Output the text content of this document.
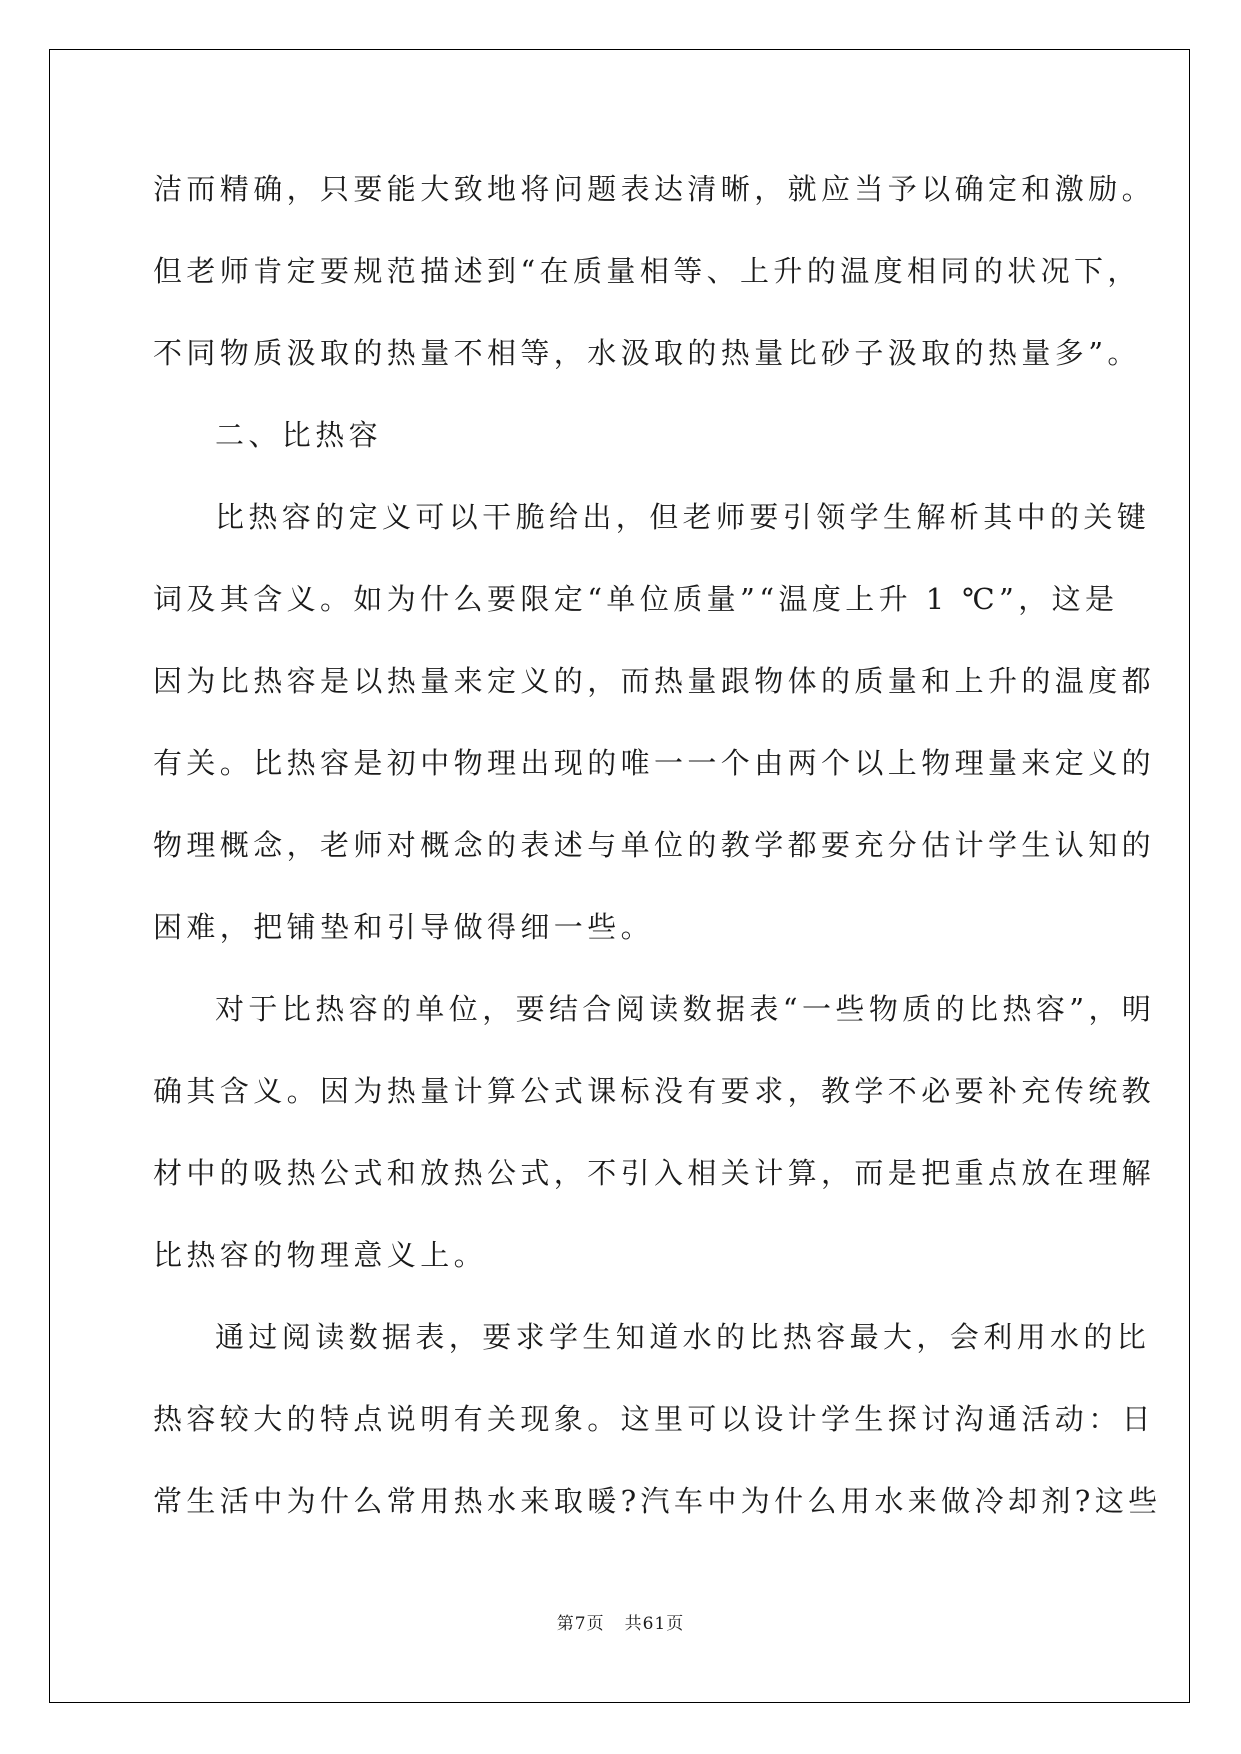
洁而精确，只要能大致地将问题表达清晰，就应当予以确定和激励。
但老师肯定要规范描述到“在质量相等、上升的温度相同的状况下，
不同物质汲取的热量不相等，水汲取的热量比砂子汲取的热量多”。
二、比热容
比热容的定义可以干脆给出，但老师要引领学生解析其中的关键
词及其含义。如为什么要限定“单位质量”“温度上升 1 ℃”，这是
因为比热容是以热量来定义的，而热量跟物体的质量和上升的温度都
有关。比热容是初中物理出现的唯一一个由两个以上物理量来定义的
物理概念，老师对概念的表述与单位的教学都要充分估计学生认知的
困难，把铺垫和引导做得细一些。
对于比热容的单位，要结合阅读数据表“一些物质的比热容”，明
确其含义。因为热量计算公式课标没有要求，教学不必要补充传统教
材中的吸热公式和放热公式，不引入相关计算，而是把重点放在理解
比热容的物理意义上。
通过阅读数据表，要求学生知道水的比热容最大，会利用水的比
热容较大的特点说明有关现象。这里可以设计学生探讨沟通活动：日
常生活中为什么常用热水来取暖?汽车中为什么用水来做冷却剂?这些
第7页 共61页
